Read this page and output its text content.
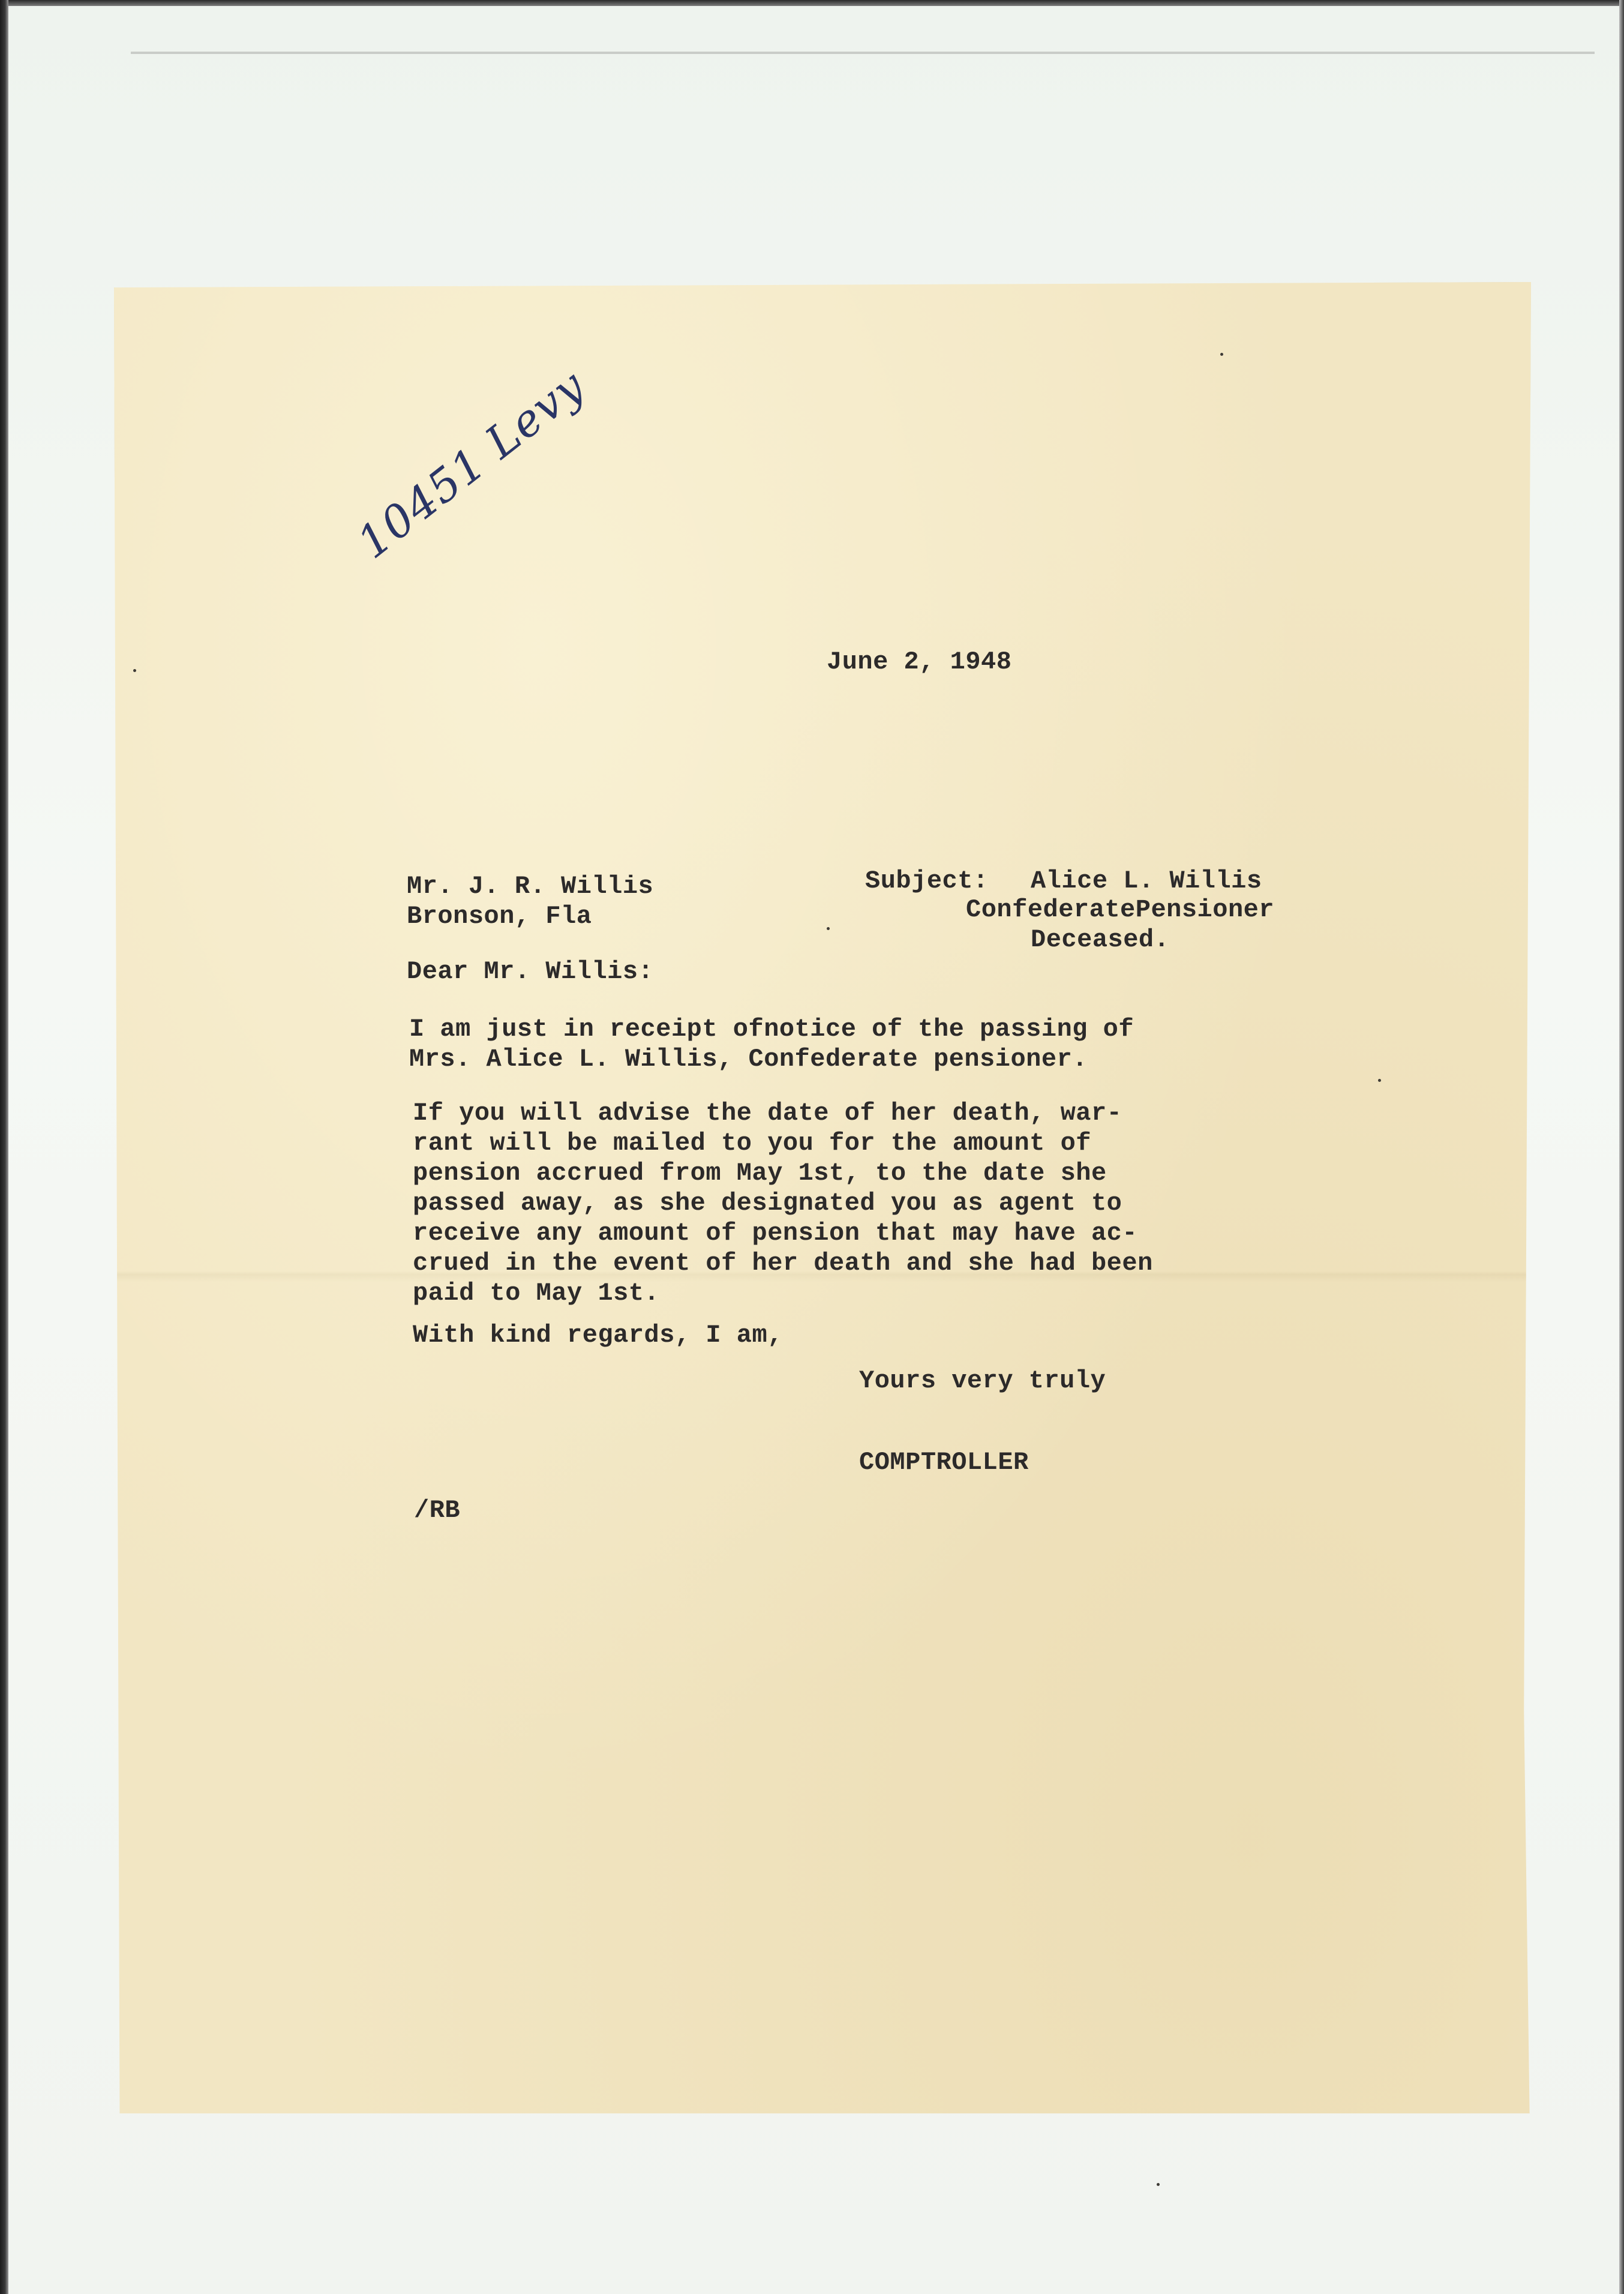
10451 Levy
June 2, 1948
Mr. J. R. Willis
Bronson, Fla
Subject: Alice L. Willis
ConfederatePensioner
Deceased.
Dear Mr. Willis:
I am just in receipt ofnotice of the passing of
Mrs. Alice L. Willis, Confederate pensioner.
If you will advise the date of her death, war-
rant will be mailed to you for the amount of
pension accrued from May 1st, to the date she
passed away, as she designated you as agent to
receive any amount of pension that may have ac-
crued in the event of her death and she had been
paid to May 1st.
With kind regards, I am,
Yours very truly
COMPTROLLER
/RB
